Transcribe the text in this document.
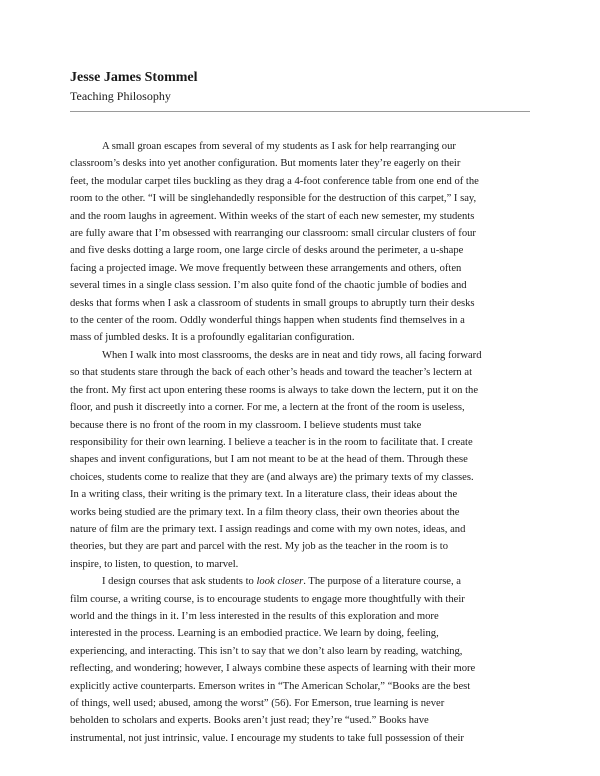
Jesse James Stommel

Teaching Philosophy

A small groan escapes from several of my students as I ask for help rearranging our
classroom’s desks into yet another configuration. But moments later they’re eagerly on their
feet, the modular carpet tiles buckling as they drag a 4-foot conference table from one end of the
room to the other. “I will be singlehandedly responsible for the destruction of this carpet,” I say,
and the room laughs in agreement. Within weeks of the start of each new semester, my students
are fully aware that I’m obsessed with rearranging our classroom: small circular clusters of four
and five desks dotting a large room, one large circle of desks around the perimeter, a u-shape
facing a projected image. We move frequently between these arrangements and others, often
several times in a single class session. I’m also quite fond of the chaotic jumble of bodies and
desks that forms when I ask a classroom of students in small groups to abruptly turn their desks
to the center of the room. Oddly wonderful things happen when students find themselves in a
mass of jumbled desks. It is a profoundly egalitarian configuration.

When I walk into most classrooms, the desks are in neat and tidy rows, all facing forward
so that students stare through the back of each other’s heads and toward the teacher’s lectern at
the front. My first act upon entering these rooms is always to take down the lectern, put it on the
floor, and push it discreetly into a corner. For me, a lectern at the front of the room is useless,
because there is no front of the room in my classroom. I believe students must take
responsibility for their own learning. I believe a teacher is in the room to facilitate that. I create
shapes and invent configurations, but I am not meant to be at the head of them. Through these
choices, students come to realize that they are (and always are) the primary texts of my classes.
In a writing class, their writing is the primary text. In a literature class, their ideas about the
works being studied are the primary text. In a film theory class, their own theories about the
nature of film are the primary text. I assign readings and come with my own notes, ideas, and
theories, but they are part and parcel with the rest. My job as the teacher in the room is to
inspire, to listen, to question, to marvel.

I design courses that ask students to look closer. The purpose of a literature course, a
film course, a writing course, is to encourage students to engage more thoughtfully with their
world and the things in it. I’m less interested in the results of this exploration and more
interested in the process. Learning is an embodied practice. We learn by doing, feeling,
experiencing, and interacting. This isn’t to say that we don’t also learn by reading, watching,
reflecting, and wondering; however, I always combine these aspects of learning with their more
explicitly active counterparts. Emerson writes in “The American Scholar,” “Books are the best
of things, well used; abused, among the worst” (56). For Emerson, true learning is never
beholden to scholars and experts. Books aren’t just read; they’re “used.” Books have
instrumental, not just intrinsic, value. I encourage my students to take full possession of their
